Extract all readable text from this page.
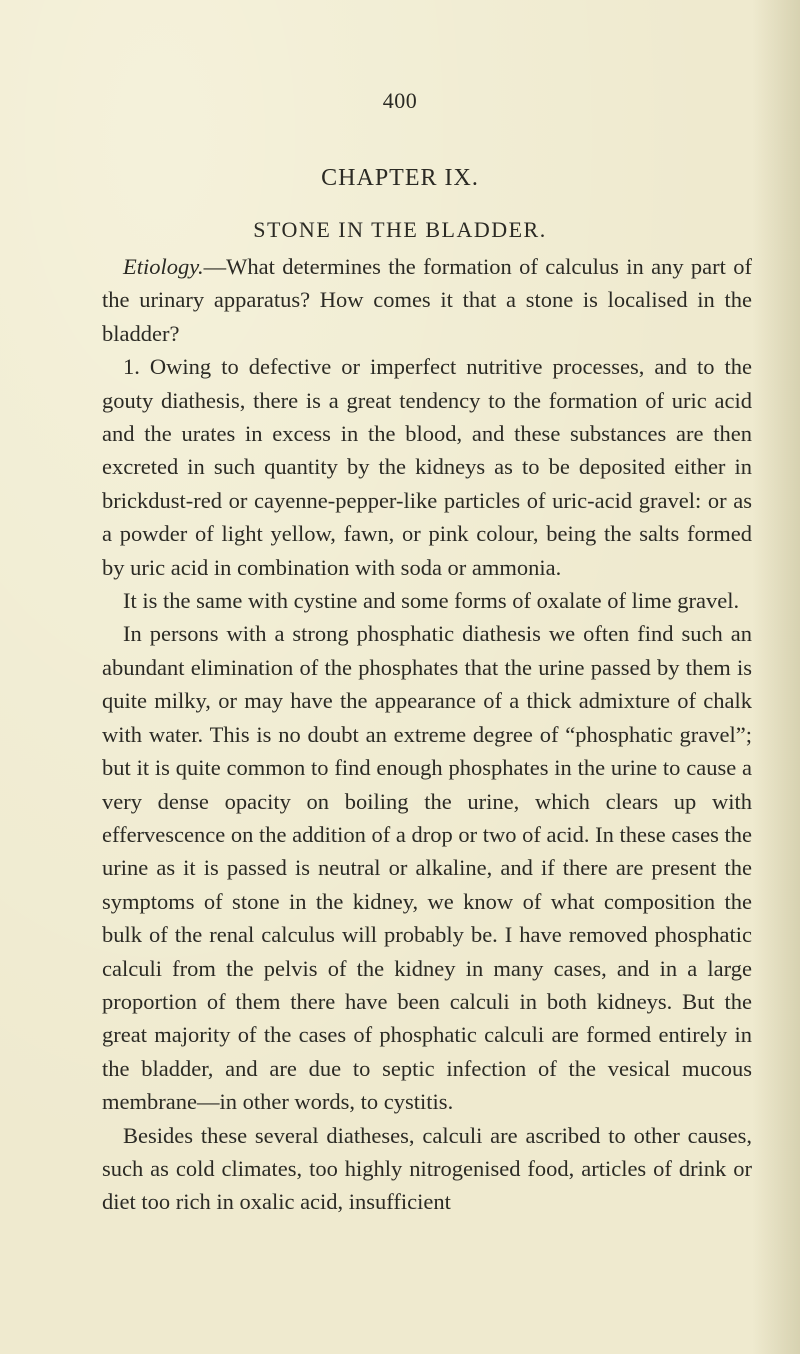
400
CHAPTER IX.
STONE IN THE BLADDER.

Etiology.—What determines the formation of calculus in any part of the urinary apparatus? How comes it that a stone is localised in the bladder?

1. Owing to defective or imperfect nutritive processes, and to the gouty diathesis, there is a great tendency to the formation of uric acid and the urates in excess in the blood, and these substances are then excreted in such quantity by the kidneys as to be deposited either in brickdust-red or cayenne-pepper-like particles of uric-acid gravel: or as a powder of light yellow, fawn, or pink colour, being the salts formed by uric acid in combination with soda or ammonia.

It is the same with cystine and some forms of oxalate of lime gravel.

In persons with a strong phosphatic diathesis we often find such an abundant elimination of the phosphates that the urine passed by them is quite milky, or may have the appearance of a thick admixture of chalk with water. This is no doubt an extreme degree of “phosphatic gravel”; but it is quite common to find enough phosphates in the urine to cause a very dense opacity on boiling the urine, which clears up with effervescence on the addition of a drop or two of acid. In these cases the urine as it is passed is neutral or alkaline, and if there are present the symptoms of stone in the kidney, we know of what composition the bulk of the renal calculus will probably be. I have removed phosphatic calculi from the pelvis of the kidney in many cases, and in a large proportion of them there have been calculi in both kidneys. But the great majority of the cases of phosphatic calculi are formed entirely in the bladder, and are due to septic infection of the vesical mucous membrane—in other words, to cystitis.

Besides these several diatheses, calculi are ascribed to other causes, such as cold climates, too highly nitrogenised food, articles of drink or diet too rich in oxalic acid, insufficient
